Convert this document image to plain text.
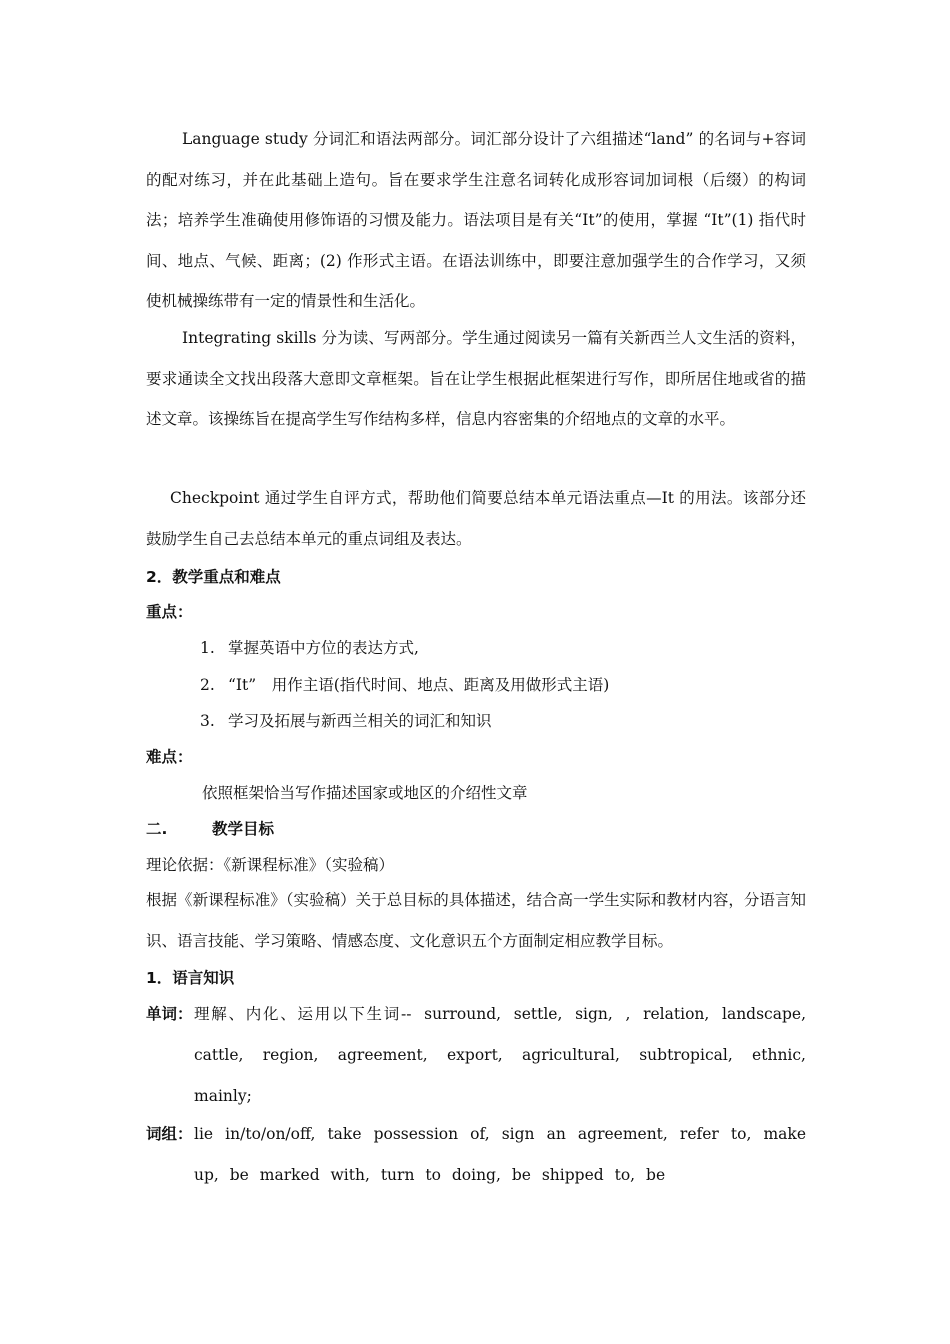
Language study 分词汇和语法两部分。词汇部分设计了六组描述“land” 的名词与+容词的配对练习，并在此基础上造句。旨在要求学生注意名词转化成形容词加词根（后缀）的构词法；培养学生准确使用修饰语的习惯及能力。语法项目是有关“It”的使用，掌握 “It”(1) 指代时间、地点、气候、距离；(2) 作形式主语。在语法训练中，即要注意加强学生的合作学习，又须使机械操练带有一定的情景性和生活化。

Integrating skills 分为读、写两部分。学生通过阅读另一篇有关新西兰人文生活的资料，要求通读全文找出段落大意即文章框架。旨在让学生根据此框架进行写作，即所居住地或省的描述文章。该操练旨在提高学生写作结构多样，信息内容密集的介绍地点的文章的水平。

Checkpoint 通过学生自评方式，帮助他们简要总结本单元语法重点—It 的用法。该部分还鼓励学生自己去总结本单元的重点词组及表达。

2．教学重点和难点
重点：
1. 掌握英语中方位的表达方式,
2. “It”　用作主语(指代时间、地点、距离及用做形式主语)
3. 学习及拓展与新西兰相关的词汇和知识
难点：
依照框架恰当写作描述国家或地区的介绍性文章
二.	教学目标
理论依据：《新课程标准》（实验稿）

根据《新课程标准》（实验稿）关于总目标的具体描述，结合高一学生实际和教材内容，分语言知识、语言技能、学习策略、情感态度、文化意识五个方面制定相应教学目标。

1．语言知识
单词： 理解、内化、运用以下生词-- surround, settle, sign, , relation, landscape, cattle, region, agreement, export, agricultural, subtropical, ethnic, mainly;
词组： lie in/to/on/off, take possession of, sign an agreement, refer to, make up, be marked with, turn to doing, be shipped to, be
